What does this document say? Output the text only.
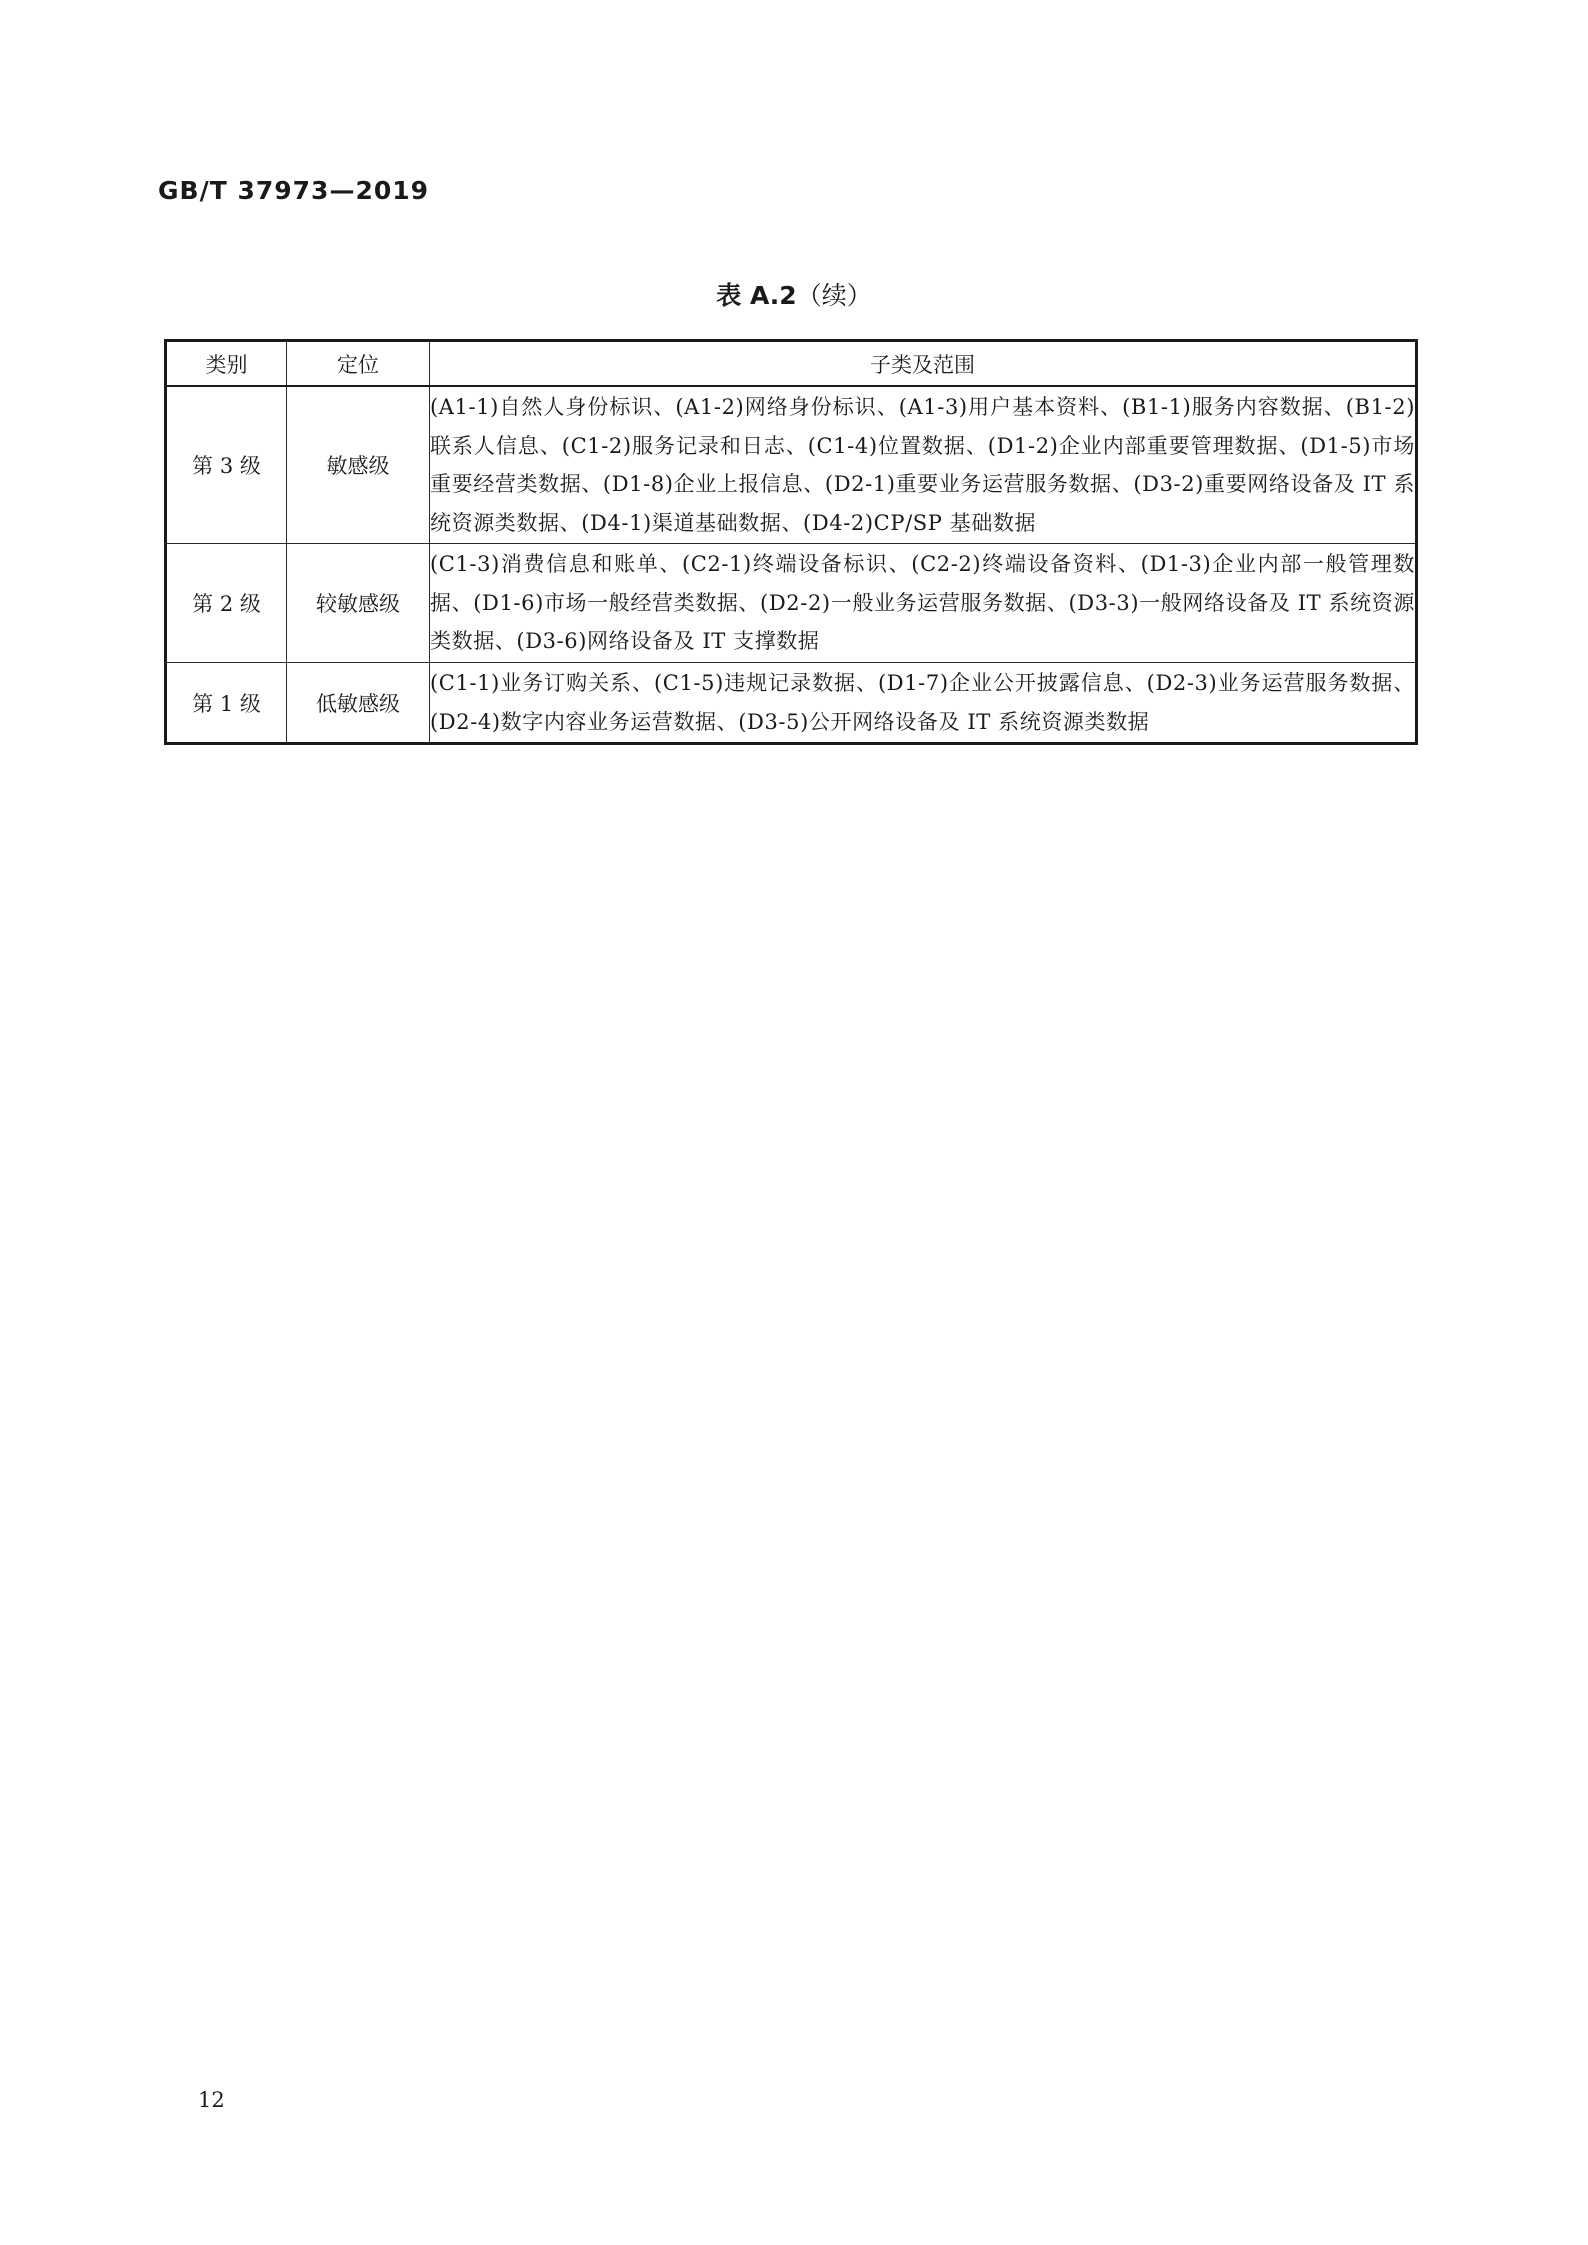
GB/T 37973—2019
表 A.2（续）
类别	定位	子类及范围
第 3 级	敏感级	(A1-1)自然人身份标识、(A1-2)网络身份标识、(A1-3)用户基本资料、(B1-1)服务内容数据、(B1-2)联系人信息、(C1-2)服务记录和日志、(C1-4)位置数据、(D1-2)企业内部重要管理数据、(D1-5)市场重要经营类数据、(D1-8)企业上报信息、(D2-1)重要业务运营服务数据、(D3-2)重要网络设备及 IT 系统资源类数据、(D4-1)渠道基础数据、(D4-2)CP/SP 基础数据
第 2 级	较敏感级	(C1-3)消费信息和账单、(C2-1)终端设备标识、(C2-2)终端设备资料、(D1-3)企业内部一般管理数据、(D1-6)市场一般经营类数据、(D2-2)一般业务运营服务数据、(D3-3)一般网络设备及 IT 系统资源类数据、(D3-6)网络设备及 IT 支撑数据
第 1 级	低敏感级	(C1-1)业务订购关系、(C1-5)违规记录数据、(D1-7)企业公开披露信息、(D2-3)业务运营服务数据、(D2-4)数字内容业务运营数据、(D3-5)公开网络设备及 IT 系统资源类数据
12
